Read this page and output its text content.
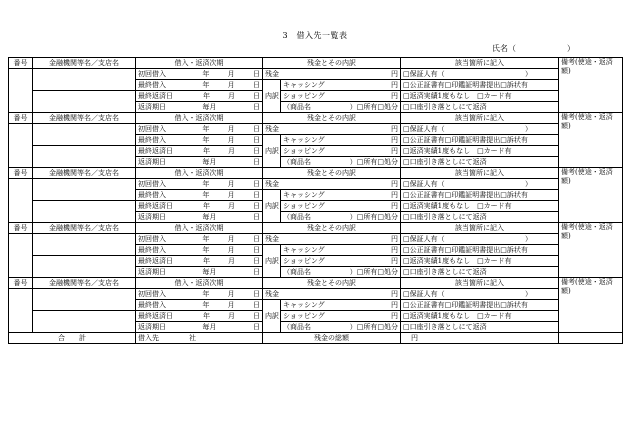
3　借入先一覧表
氏名（	）
番号	金融機関等名／支店名	借入・返済次期	残金とその内訳		該当箇所に記入	備考(使途・返済額)

		初回借入 年 月 日	残金 円		□保証人有（ ）	

		最終借入 年 月 日	内訳	キャッシング 円	□公正証書有□印鑑証明書提出□訴状有	

		最終返済日 年 月 日		ショッピング 円	□返済実績1度もなし　□カード有	

		返済期日 毎月 日		（商品名 ）□所有□処分	□口座引き落としにて返済	
番号	金融機関等名／支店名	借入・返済次期	残金とその内訳		該当箇所に記入	備考(使途・返済額)

		初回借入 年 月 日	残金 円		□保証人有（ ）	

		最終借入 年 月 日	内訳	キャッシング 円	□公正証書有□印鑑証明書提出□訴状有	

		最終返済日 年 月 日		ショッピング 円	□返済実績1度もなし　□カード有	

		返済期日 毎月 日		（商品名 ）□所有□処分	□口座引き落としにて返済	
番号	金融機関等名／支店名	借入・返済次期	残金とその内訳		該当箇所に記入	備考(使途・返済額)

		初回借入 年 月 日	残金 円		□保証人有（ ）	

		最終借入 年 月 日	内訳	キャッシング 円	□公正証書有□印鑑証明書提出□訴状有	

		最終返済日 年 月 日		ショッピング 円	□返済実績1度もなし　□カード有	

		返済期日 毎月 日		（商品名 ）□所有□処分	□口座引き落としにて返済	
番号	金融機関等名／支店名	借入・返済次期	残金とその内訳		該当箇所に記入	備考(使途・返済額)

		初回借入 年 月 日	残金 円		□保証人有（ ）	

		最終借入 年 月 日	内訳	キャッシング 円	□公正証書有□印鑑証明書提出□訴状有	

		最終返済日 年 月 日		ショッピング 円	□返済実績1度もなし　□カード有	

		返済期日 毎月 日		（商品名 ）□所有□処分	□口座引き落としにて返済	
番号	金融機関等名／支店名	借入・返済次期	残金とその内訳		該当箇所に記入	備考(使途・返済額)

		初回借入 年 月 日	残金 円		□保証人有（ ）	

		最終借入 年 月 日	内訳	キャッシング 円	□公正証書有□印鑑証明書提出□訴状有	

		最終返済日 年 月 日		ショッピング 円	□返済実績1度もなし　□カード有	

		返済期日 毎月 日		（商品名 ）□所有□処分	□口座引き落としにて返済	
合　　計		借入先 社	残金の総額		円	
